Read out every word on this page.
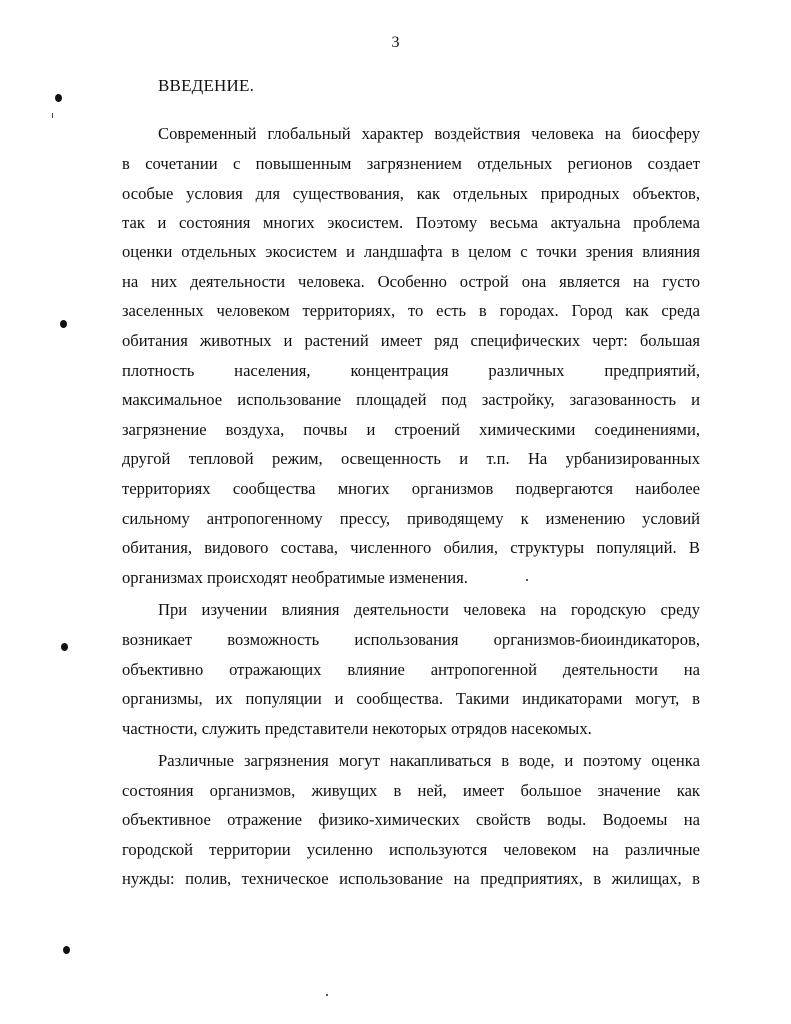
3
ВВЕДЕНИЕ.
Современный глобальный характер воздействия человека на биосферу
в сочетании с повышенным загрязнением отдельных регионов создает
особые условия для существования, как отдельных природных объектов,
так и состояния многих экосистем. Поэтому весьма актуальна проблема
оценки отдельных экосистем и ландшафта в целом с точки зрения влияния
на них деятельности человека. Особенно острой она является на густо
заселенных человеком территориях, то есть в городах. Город как среда
обитания животных и растений имеет ряд специфических черт: большая
плотность населения, концентрация различных предприятий,
максимальное использование площадей под застройку, загазованность и
загрязнение воздуха, почвы и строений химическими соединениями,
другой тепловой режим, освещенность и т.п. На урбанизированных
территориях сообщества многих организмов подвергаются наиболее
сильному антропогенному прессу, приводящему к изменению условий
обитания, видового состава, численного обилия, структуры популяций. В
организмах происходят необратимые изменения.
При изучении влияния деятельности человека на городскую среду
возникает возможность использования организмов-биоиндикаторов,
объективно отражающих влияние антропогенной деятельности на
организмы, их популяции и сообщества. Такими индикаторами могут, в
частности, служить представители некоторых отрядов насекомых.
Различные загрязнения могут накапливаться в воде, и поэтому оценка
состояния организмов, живущих в ней, имеет большое значение как
объективное отражение физико-химических свойств воды. Водоемы на
городской территории усиленно используются человеком на различные
нужды: полив, техническое использование на предприятиях, в жилищах, в
